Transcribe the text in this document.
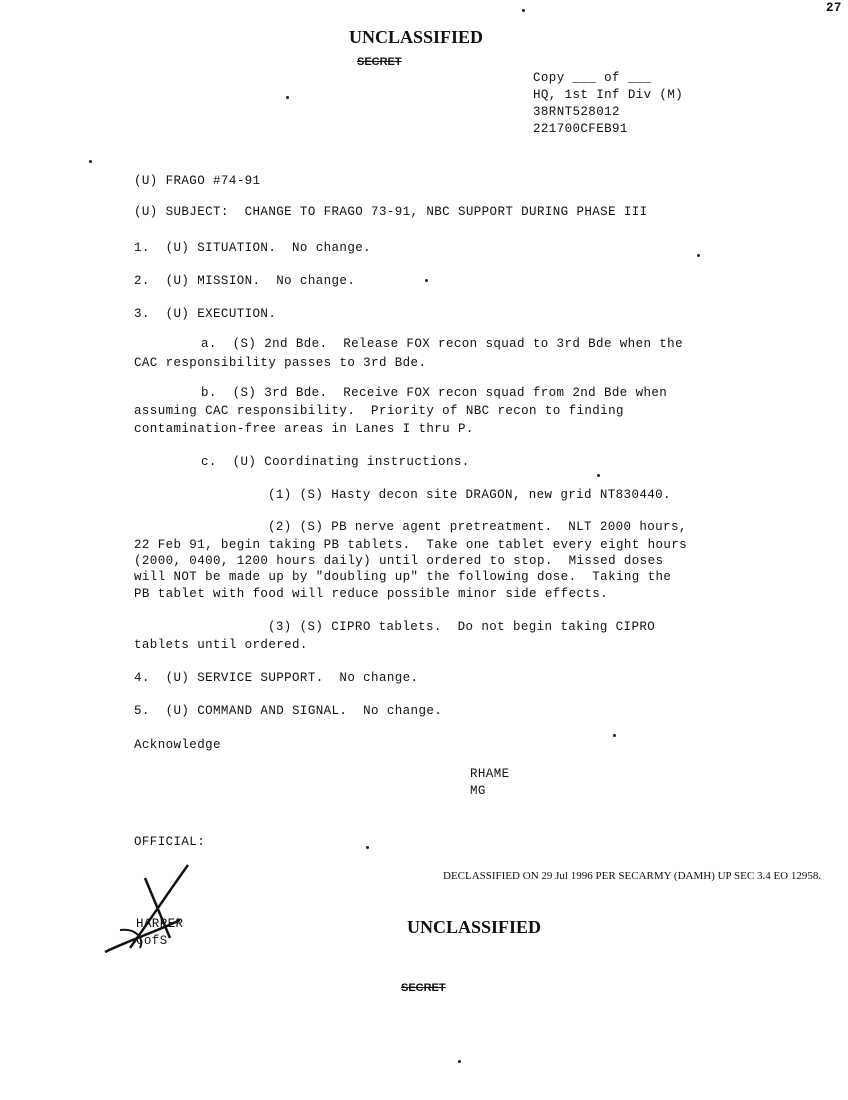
27
UNCLASSIFIED
SECRET
Copy ___ of ___
HQ, 1st Inf Div (M)
38RNT528012
221700CFEB91
(U) FRAGO #74-91
(U) SUBJECT:  CHANGE TO FRAGO 73-91, NBC SUPPORT DURING PHASE III
1.  (U) SITUATION.  No change.
2.  (U) MISSION.  No change.
3.  (U) EXECUTION.
a.  (S) 2nd Bde.  Release FOX recon squad to 3rd Bde when the
CAC responsibility passes to 3rd Bde.
b.  (S) 3rd Bde.  Receive FOX recon squad from 2nd Bde when
assuming CAC responsibility.  Priority of NBC recon to finding
contamination-free areas in Lanes I thru P.
c.  (U) Coordinating instructions.
(1) (S) Hasty decon site DRAGON, new grid NT830440.
(2) (S) PB nerve agent pretreatment.  NLT 2000 hours,
22 Feb 91, begin taking PB tablets.  Take one tablet every eight hours
(2000, 0400, 1200 hours daily) until ordered to stop.  Missed doses
will NOT be made up by "doubling up" the following dose.  Taking the
PB tablet with food will reduce possible minor side effects.
(3) (S) CIPRO tablets.  Do not begin taking CIPRO
tablets until ordered.
4.  (U) SERVICE SUPPORT.  No change.
5.  (U) COMMAND AND SIGNAL.  No change.
Acknowledge
RHAME
MG
OFFICIAL:
HARPER
CofS
DECLASSIFIED ON 29 Jul 1996 PER SECARMY (DAMH) UP SEC 3.4 EO 12958.
UNCLASSIFIED
SECRET
